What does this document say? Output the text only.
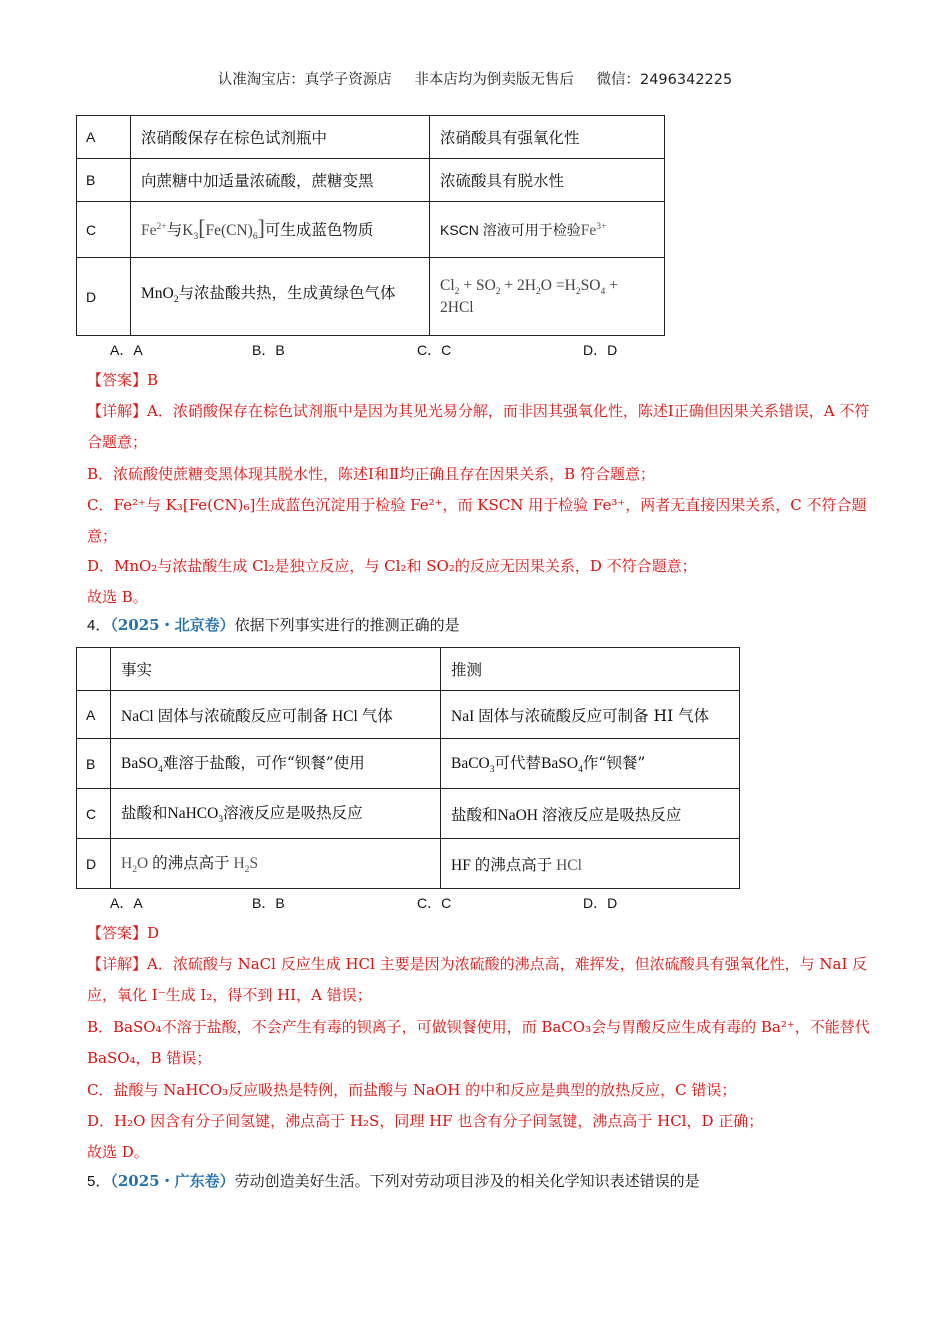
认准淘宝店：真学子资源店 非本店均为倒卖版无售后 微信：2496342225
A	浓硝酸保存在棕色试剂瓶中	浓硝酸具有强氧化性
B	向蔗糖中加适量浓硫酸，蔗糖变黑	浓硫酸具有脱水性
C	$Fe^{2+}$与$K_3[Fe(CN)_6]$可生成蓝色物质	KSCN 溶液可用于检验$Fe^{3+}$
D	MnO$_2$与浓盐酸共热，生成黄绿色气体	$Cl_2 + SO_2 + 2H_2O =H_2SO_4 + 2HCl$
A．A	B．B	C．C	D．D
【答案】B
【详解】A．浓硝酸保存在棕色试剂瓶中是因为其见光易分解，而非因其强氧化性，陈述Ⅰ正确但因果关系错误，A 不符合题意；
B．浓硫酸使蔗糖变黑体现其脱水性，陈述Ⅰ和Ⅱ均正确且存在因果关系，B 符合题意；
C．Fe²⁺与 K₃[Fe(CN)₆]生成蓝色沉淀用于检验 Fe²⁺，而 KSCN 用于检验 Fe³⁺，两者无直接因果关系，C 不符合题意；
D．MnO₂与浓盐酸生成 Cl₂是独立反应，与 Cl₂和 SO₂的反应无因果关系，D 不符合题意；
故选 B。
4．（2025・北京卷）依据下列事实进行的推测正确的是
	事实	推测
A	NaCl 固体与浓硫酸反应可制备 HCl 气体	NaI 固体与浓硫酸反应可制备 HI 气体
B	BaSO$_4$难溶于盐酸，可作“钡餐”使用	BaCO$_3$可代替BaSO$_4$作“钡餐”
C	盐酸和NaHCO$_3$溶液反应是吸热反应	盐酸和NaOH 溶液反应是吸热反应
D	$H_2O$ 的沸点高于 $H_2S$	HF 的沸点高于 HCl
A．A	B．B	C．C	D．D
【答案】D
【详解】A．浓硫酸与 NaCl 反应生成 HCl 主要是因为浓硫酸的沸点高，难挥发，但浓硫酸具有强氧化性，与 NaI 反应，氧化 I⁻生成 I₂，得不到 HI，A 错误；
B．BaSO₄不溶于盐酸，不会产生有毒的钡离子，可做钡餐使用，而 BaCO₃会与胃酸反应生成有毒的 Ba²⁺，不能替代 BaSO₄，B 错误；
C．盐酸与 NaHCO₃反应吸热是特例，而盐酸与 NaOH 的中和反应是典型的放热反应，C 错误；
D．H₂O 因含有分子间氢键，沸点高于 H₂S，同理 HF 也含有分子间氢键，沸点高于 HCl，D 正确；
故选 D。
5．（2025・广东卷）劳动创造美好生活。下列对劳动项目涉及的相关化学知识表述错误的是
